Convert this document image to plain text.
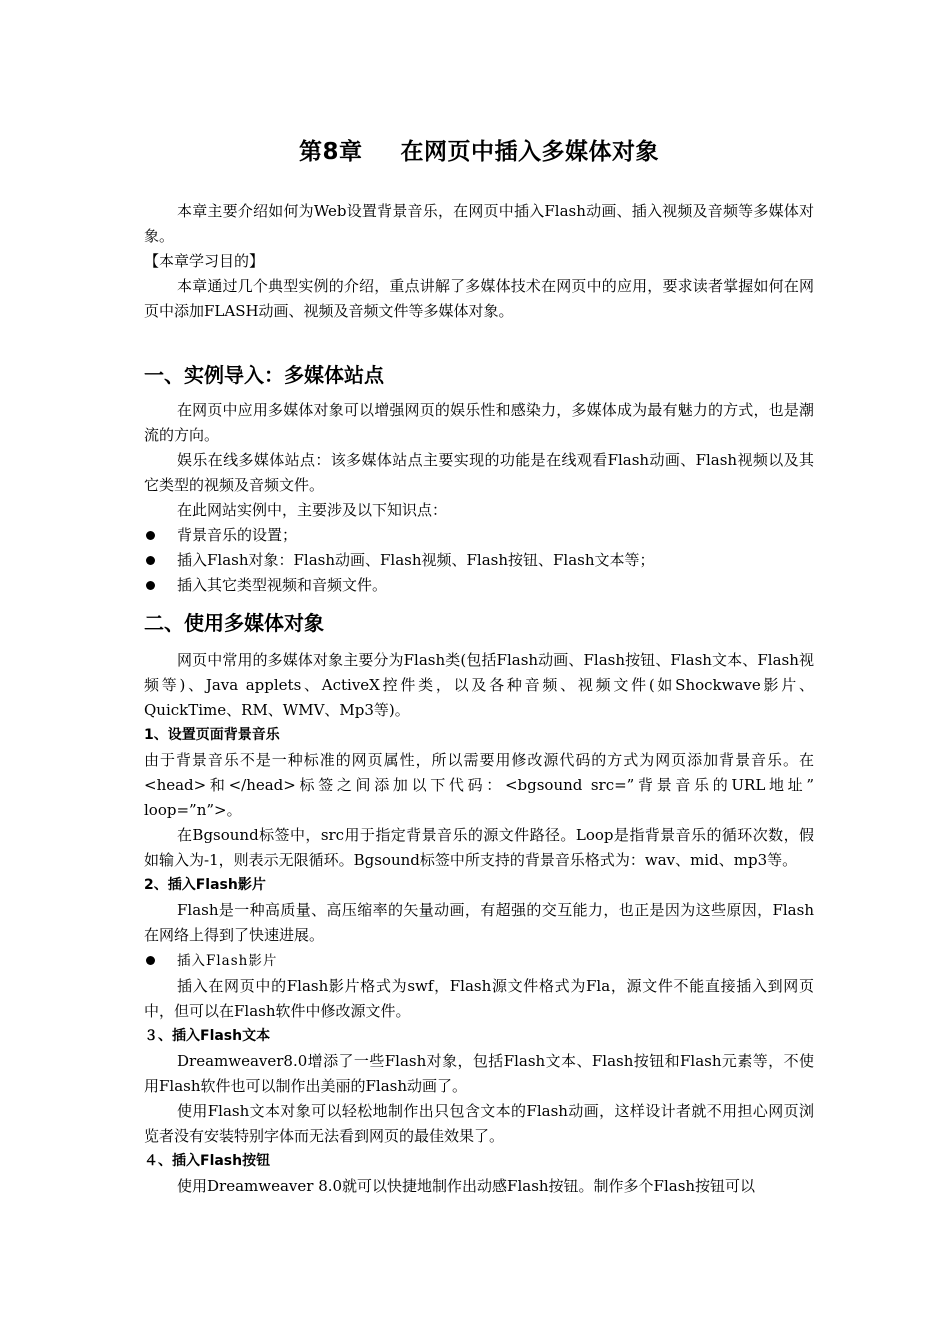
第8章 在网页中插入多媒体对象

本章主要介绍如何为Web设置背景音乐，在网页中插入Flash动画、插入视频及音频等多媒体对象。

【本章学习目的】

本章通过几个典型实例的介绍，重点讲解了多媒体技术在网页中的应用，要求读者掌握如何在网页中添加FLASH动画、视频及音频文件等多媒体对象。

一、实例导入：多媒体站点

在网页中应用多媒体对象可以增强网页的娱乐性和感染力，多媒体成为最有魅力的方式，也是潮流的方向。

娱乐在线多媒体站点：该多媒体站点主要实现的功能是在线观看Flash动画、Flash视频以及其它类型的视频及音频文件。

在此网站实例中，主要涉及以下知识点：

背景音乐的设置；
插入Flash对象：Flash动画、Flash视频、Flash按钮、Flash文本等；
插入其它类型视频和音频文件。
二、使用多媒体对象

网页中常用的多媒体对象主要分为Flash类(包括Flash动画、Flash按钮、Flash文本、Flash视频等)、Java applets、ActiveX控件类，以及各种音频、视频文件(如Shockwave影片、QuickTime、RM、WMV、Mp3等)。

1、设置页面背景音乐

由于背景音乐不是一种标准的网页属性，所以需要用修改源代码的方式为网页添加背景音乐。在<head>和</head>标签之间添加以下代码：<bgsound src=”背景音乐的URL地址” loop=”n”>。

在Bgsound标签中，src用于指定背景音乐的源文件路径。Loop是指背景音乐的循环次数，假如输入为-1，则表示无限循环。Bgsound标签中所支持的背景音乐格式为：wav、mid、mp3等。

2、插入Flash影片

Flash是一种高质量、高压缩率的矢量动画，有超强的交互能力，也正是因为这些原因，Flash在网络上得到了快速进展。

插入Flash影片

插入在网页中的Flash影片格式为swf，Flash源文件格式为Fla，源文件不能直接插入到网页中，但可以在Flash软件中修改源文件。

３、插入Flash文本

Dreamweaver8.0增添了一些Flash对象，包括Flash文本、Flash按钮和Flash元素等，不使用Flash软件也可以制作出美丽的Flash动画了。

使用Flash文本对象可以轻松地制作出只包含文本的Flash动画，这样设计者就不用担心网页浏览者没有安装特别字体而无法看到网页的最佳效果了。

４、插入Flash按钮

使用Dreamweaver 8.0就可以快捷地制作出动感Flash按钮。制作多个Flash按钮可以
